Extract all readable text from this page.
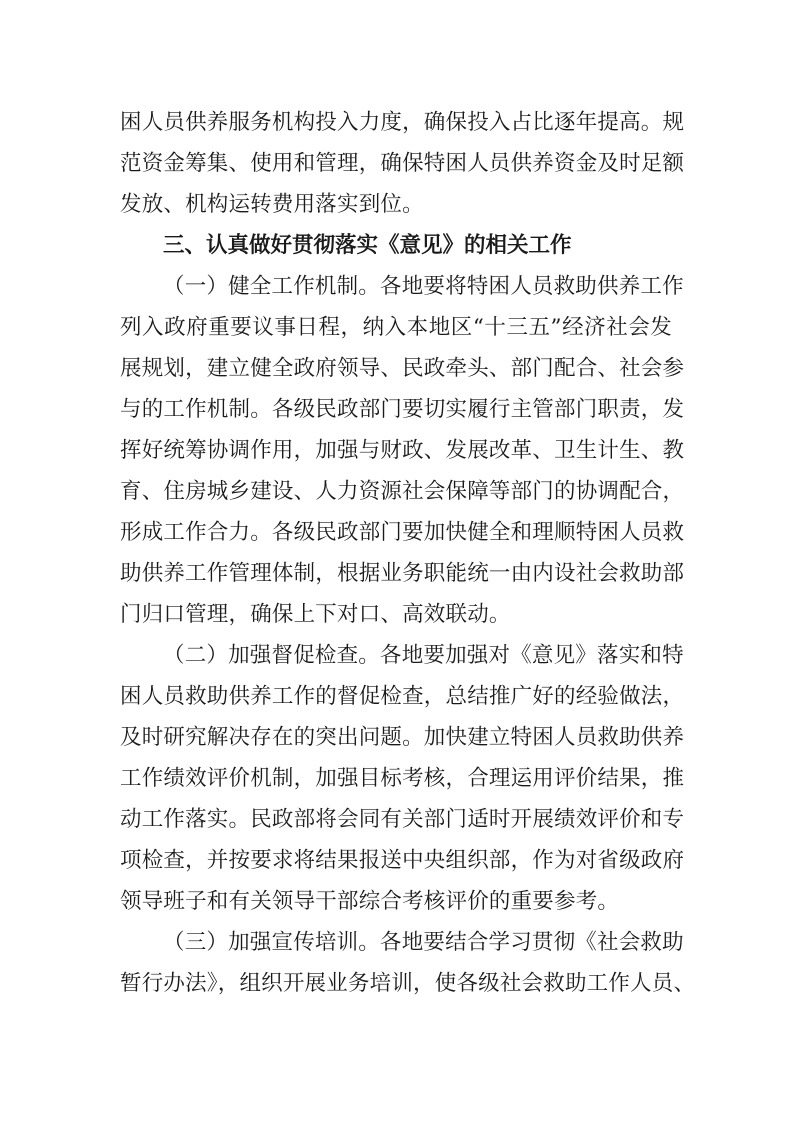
困人员供养服务机构投入力度，确保投入占比逐年提高。规
范资金筹集、使用和管理，确保特困人员供养资金及时足额
发放、机构运转费用落实到位。
三、认真做好贯彻落实《意见》的相关工作
（一）健全工作机制。各地要将特困人员救助供养工作
列入政府重要议事日程，纳入本地区“十三五”经济社会发
展规划，建立健全政府领导、民政牵头、部门配合、社会参
与的工作机制。各级民政部门要切实履行主管部门职责，发
挥好统筹协调作用，加强与财政、发展改革、卫生计生、教
育、住房城乡建设、人力资源社会保障等部门的协调配合，
形成工作合力。各级民政部门要加快健全和理顺特困人员救
助供养工作管理体制，根据业务职能统一由内设社会救助部
门归口管理，确保上下对口、高效联动。
（二）加强督促检查。各地要加强对《意见》落实和特
困人员救助供养工作的督促检查，总结推广好的经验做法，
及时研究解决存在的突出问题。加快建立特困人员救助供养
工作绩效评价机制，加强目标考核，合理运用评价结果，推
动工作落实。民政部将会同有关部门适时开展绩效评价和专
项检查，并按要求将结果报送中央组织部，作为对省级政府
领导班子和有关领导干部综合考核评价的重要参考。
（三）加强宣传培训。各地要结合学习贯彻《社会救助
暂行办法》，组织开展业务培训，使各级社会救助工作人员、
